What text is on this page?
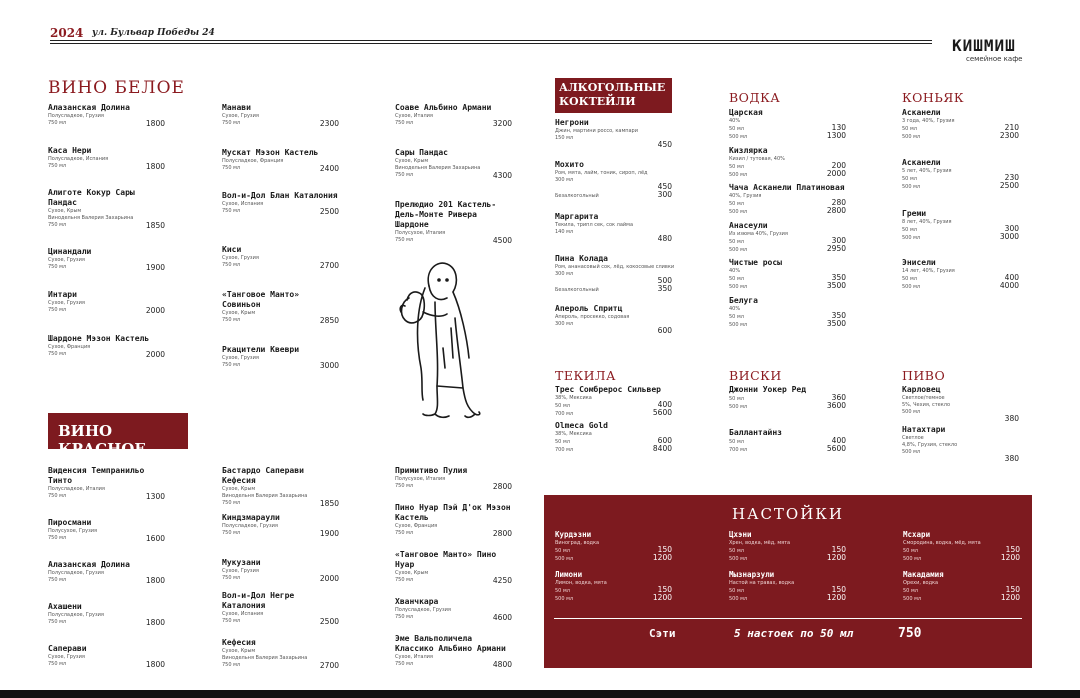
2024 ул. Бульвар Победы 24
КИШМИШ
семейное кафе
ВИНО БЕЛОЕ
ВИНО КРАСНОЕ
АЛКОГОЛЬНЫЕ
КОКТЕЙЛИ	ВОДКА	КОНЬЯК
ТЕКИЛА	ВИСКИ	ПИВО
Алазанская Долина
Полусладкое, Грузия
750 мл	1800
Каса Нери
Полусладкое, Испания
750 мл	1800
Алиготе Кокур Сары Пандас
Сухое, Крым
Винодельня Валерия Захарьина
750 мл	1850
Цинандали
Сухое, Грузия
750 мл	1900
Интари
Сухое, Грузия
750 мл	2000
Шардоне Мэзон Кастель
Сухое, Франция
750 мл	2000
Манави
Сухое, Грузия
750 мл	2300
Мускат Мэзон Кастель
Полусладкое, Франция
750 мл	2400
Вол-и-Дол Блан Каталония
Сухое, Испания
750 мл	2500
Киси
Сухое, Грузия
750 мл	2700
«Танговое Манто» Совиньон
Сухое, Крым
750 мл	2850
Ркацители Квеври
Сухое, Грузия
750 мл	3000
Соаве Альбино Армани
Сухое, Италия
750 мл	3200
Сары Пандас
Сухое, Крым
Винодельня Валерия Захарьина
750 мл	4300
Прелюдио 201 Кастель-Дель-Монте Ривера Шардоне
Полусухое, Италия
750 мл	4500
Виденсия Темпранильо Тинто
Полусладкое, Италия
750 мл	1300
Пиросмани
Полусухое, Грузия
750 мл	1600
Алазанская Долина
Полусладкое, Грузия
750 мл	1800
Ахашени
Полусладкое, Грузия
750 мл	1800
Саперави
Сухое, Грузия
750 мл	1800
Бастардо Саперави Кефесия
Сухое, Крым
Винодельня Валерия Захарьина
750 мл	1850
Киндзмараули
Полусладкое, Грузия
750 мл	1900
Мукузани
Сухое, Грузия
750 мл	2000
Вол-и-Дол Негре Каталония
Сухое, Испания
750 мл	2500
Кефесия
Сухое, Крым
Винодельня Валерия Захарьина
750 мл	2700
Примитиво Пулия
Полусухое, Италия
750 мл	2800
Пино Нуар Пэй Д'ок Мэзон Кастель
Сухое, Франция
750 мл	2800
«Танговое Манто» Пино Нуар
Сухое, Крым
750 мл	4250
Хванчкара
Полусладкое, Грузия
750 мл	4600
Эме Вальполичела Классико Альбино Армани
Сухое, Италия
750 мл	4800
Негрони
Джин, мартини россо, кампари
150 мл
450
Мохито
Ром, мята, лайм, тоник, сироп, лёд
300 мл
450
Безалкогольный	300
Маргарита
Текила, трипл сек, сок лайма
140 мл
480
Пина Колада
Ром, ананасовый сок, лёд, кокосовые сливки
300 мл
500
Безалкогольный	350
Апероль Спритц
Апероль, просекко, содовая
300 мл
600
Царская
40%
50 мл	130
500 мл	1300
Кизлярка
Кизил / тутовая, 40%
50 мл	200
500 мл	2000
Чача Асканели Платиновая
40%, Грузия
50 мл	280
500 мл	2800
Анасеули
Из изюма 40%, Грузия
50 мл	300
500 мл	2950
Чистые росы
40%
50 мл	350
500 мл	3500
Белуга
40%
50 мл	350
500 мл	3500
Асканели
3 года, 40%, Грузия
50 мл	210
500 мл	2300
Асканели
5 лет, 40%, Грузия
50 мл	230
500 мл	2500
Греми
8 лет, 40%, Грузия
50 мл	300
500 мл	3000
Энисели
14 лет, 40%, Грузия
50 мл	400
500 мл	4000
Трес Сомбрерос Сильвер
38%, Мексика
50 мл	400
700 мл	5600
Olmeca Gold
38%, Мексика
50 мл	600
700 мл	8400
Джонни Уокер Ред
50 мл	360
500 мл	3600
Баллантайнз
50 мл	400
700 мл	5600
Карловец
Светлое/темное
5%, Чехия, стекло
500 мл
380
Натахтари
Светлое
4,8%, Грузия, стекло
500 мл
380
НАСТОЙКИ
Курдэзни
Виноград, водка
50 мл	150
500 мл	1200
Цхэни
Хрен, водка, мёд, мята
50 мл	150
500 мл	1200
Мсхари
Смородина, водка, мёд, мята
50 мл	150
500 мл	1200
Лимони
Лимон, водка, мята
50 мл	150
500 мл	1200
Мызнарзули
Настой на травах, водка
50 мл	150
500 мл	1200
Макадамия
Орехи, водка
50 мл	150
500 мл	1200
Сэти	5 настоек по 50 мл	750
